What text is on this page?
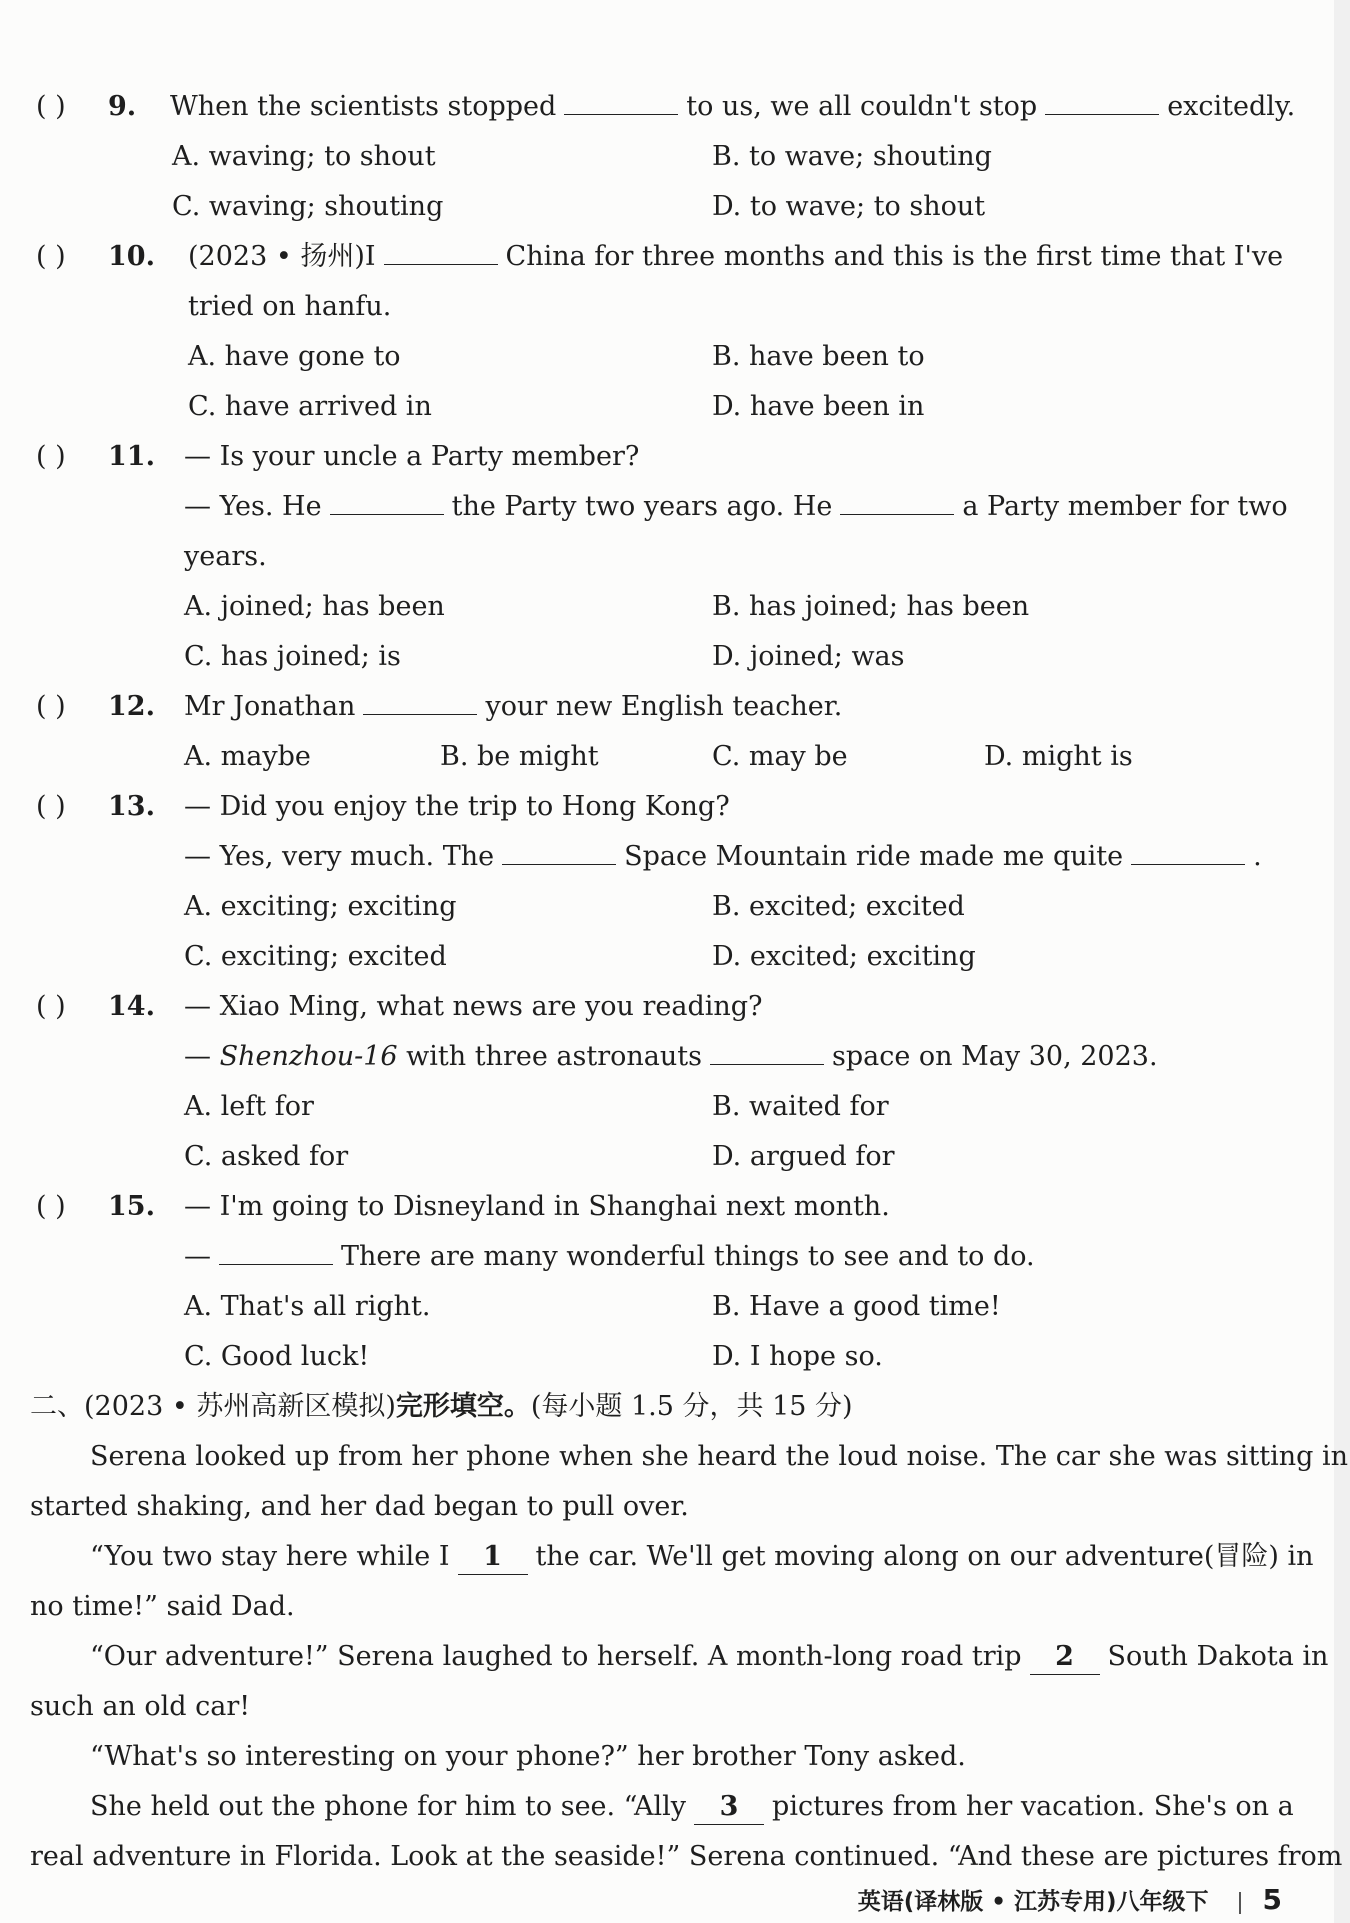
( ) 9. When the scientists stopped	to us, we all couldn't stop	excitedly.
A. waving; to shout	B. to wave; shouting
C. waving; shouting	D. to wave; to shout
( ) 10. (2023 • 扬州)I	China for three months and this is the first time that I've
tried on hanfu.
A. have gone to	B. have been to
C. have arrived in	D. have been in
( ) 11. — Is your uncle a Party member?
— Yes. He	the Party two years ago. He	a Party member for two
years.
A. joined; has been	B. has joined; has been
C. has joined; is	D. joined; was
( ) 12. Mr Jonathan	your new English teacher.
A. maybe	B. be might	C. may be	D. might is
( ) 13. — Did you enjoy the trip to Hong Kong?
— Yes, very much. The	Space Mountain ride made me quite	.
A. exciting; exciting	B. excited; excited
C. exciting; excited	D. excited; exciting
( ) 14. — Xiao Ming, what news are you reading?
— Shenzhou-16 with three astronauts	space on May 30, 2023.
A. left for	B. waited for
C. asked for	D. argued for
( ) 15. — I'm going to Disneyland in Shanghai next month.
—	There are many wonderful things to see and to do.
A. That's all right.	B. Have a good time!
C. Good luck!	D. I hope so.
二、(2023 • 苏州高新区模拟)完形填空。(每小题 1.5 分，共 15 分)
Serena looked up from her phone when she heard the loud noise. The car she was sitting in
started shaking, and her dad began to pull over.
“You two stay here while I 1 the car. We'll get moving along on our adventure(冒险) in
no time!” said Dad.
“Our adventure!” Serena laughed to herself. A month-long road trip 2 South Dakota in
such an old car!
“What's so interesting on your phone?” her brother Tony asked.
She held out the phone for him to see. “Ally 3 pictures from her vacation. She's on a
real adventure in Florida. Look at the seaside!” Serena continued. “And these are pictures from
英语(译林版 • 江苏专用)八年级下 5
